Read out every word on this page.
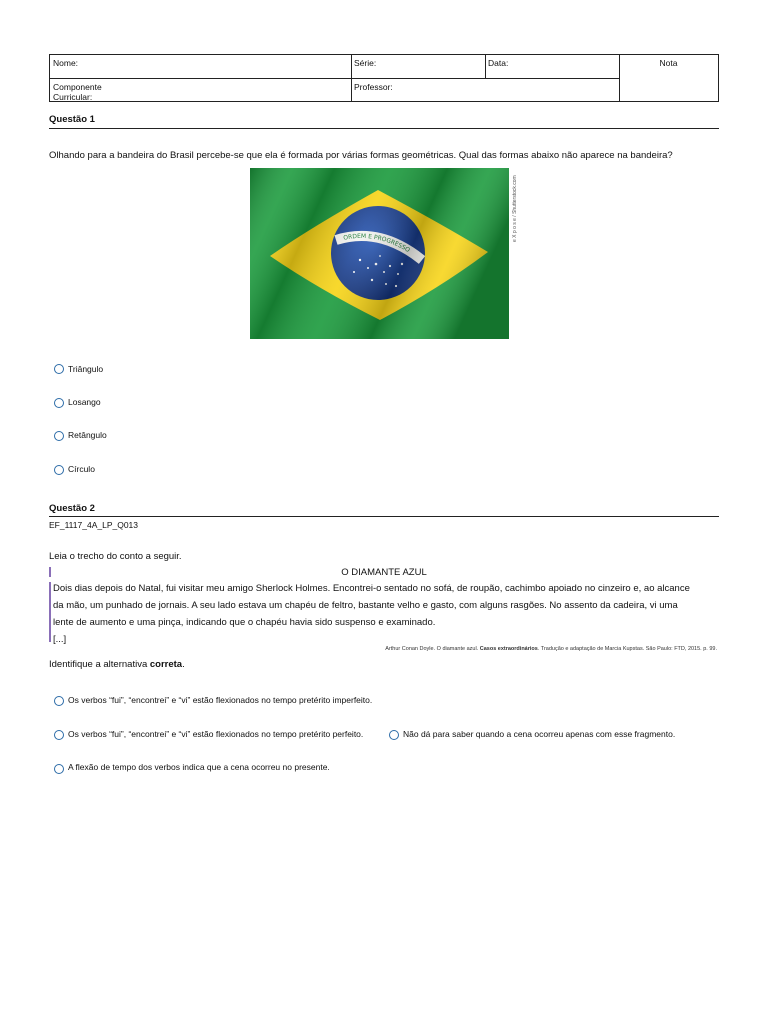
Nome:	Série:	Data:	Nota
Componente
Curricular:
Professor:
Questão 1
Olhando para a bandeira do Brasil percebe-se que ela é formada por várias formas geométricas. Qual das formas abaixo não aparece na bandeira?
e X p o s e / Shutterstock.com
Triângulo
Losango
Retângulo
Círculo
Questão 2
EF_1117_4A_LP_Q013
Leia o trecho do conto a seguir.
O DIAMANTE AZUL
Dois dias depois do Natal, fui visitar meu amigo Sherlock Holmes. Encontrei-o sentado no sofá, de roupão, cachimbo apoiado no cinzeiro e, ao alcance
da mão, um punhado de jornais. A seu lado estava um chapéu de feltro, bastante velho e gasto, com alguns rasgões. No assento da cadeira, vi uma
lente de aumento e uma pinça, indicando que o chapéu havia sido suspenso e examinado.
[...]
Arthur Conan Doyle. O diamante azul. Casos extraordinários. Tradução e adaptação de Marcia Kupstas. São Paulo: FTD, 2015. p. 99.
Identifique a alternativa correta.
Os verbos “fui”, “encontrei” e “vi” estão flexionados no tempo pretérito imperfeito.
Os verbos “fui”, “encontrei” e “vi” estão flexionados no tempo pretérito perfeito.	Não dá para saber quando a cena ocorreu apenas com esse fragmento.
A flexão de tempo dos verbos indica que a cena ocorreu no presente.
